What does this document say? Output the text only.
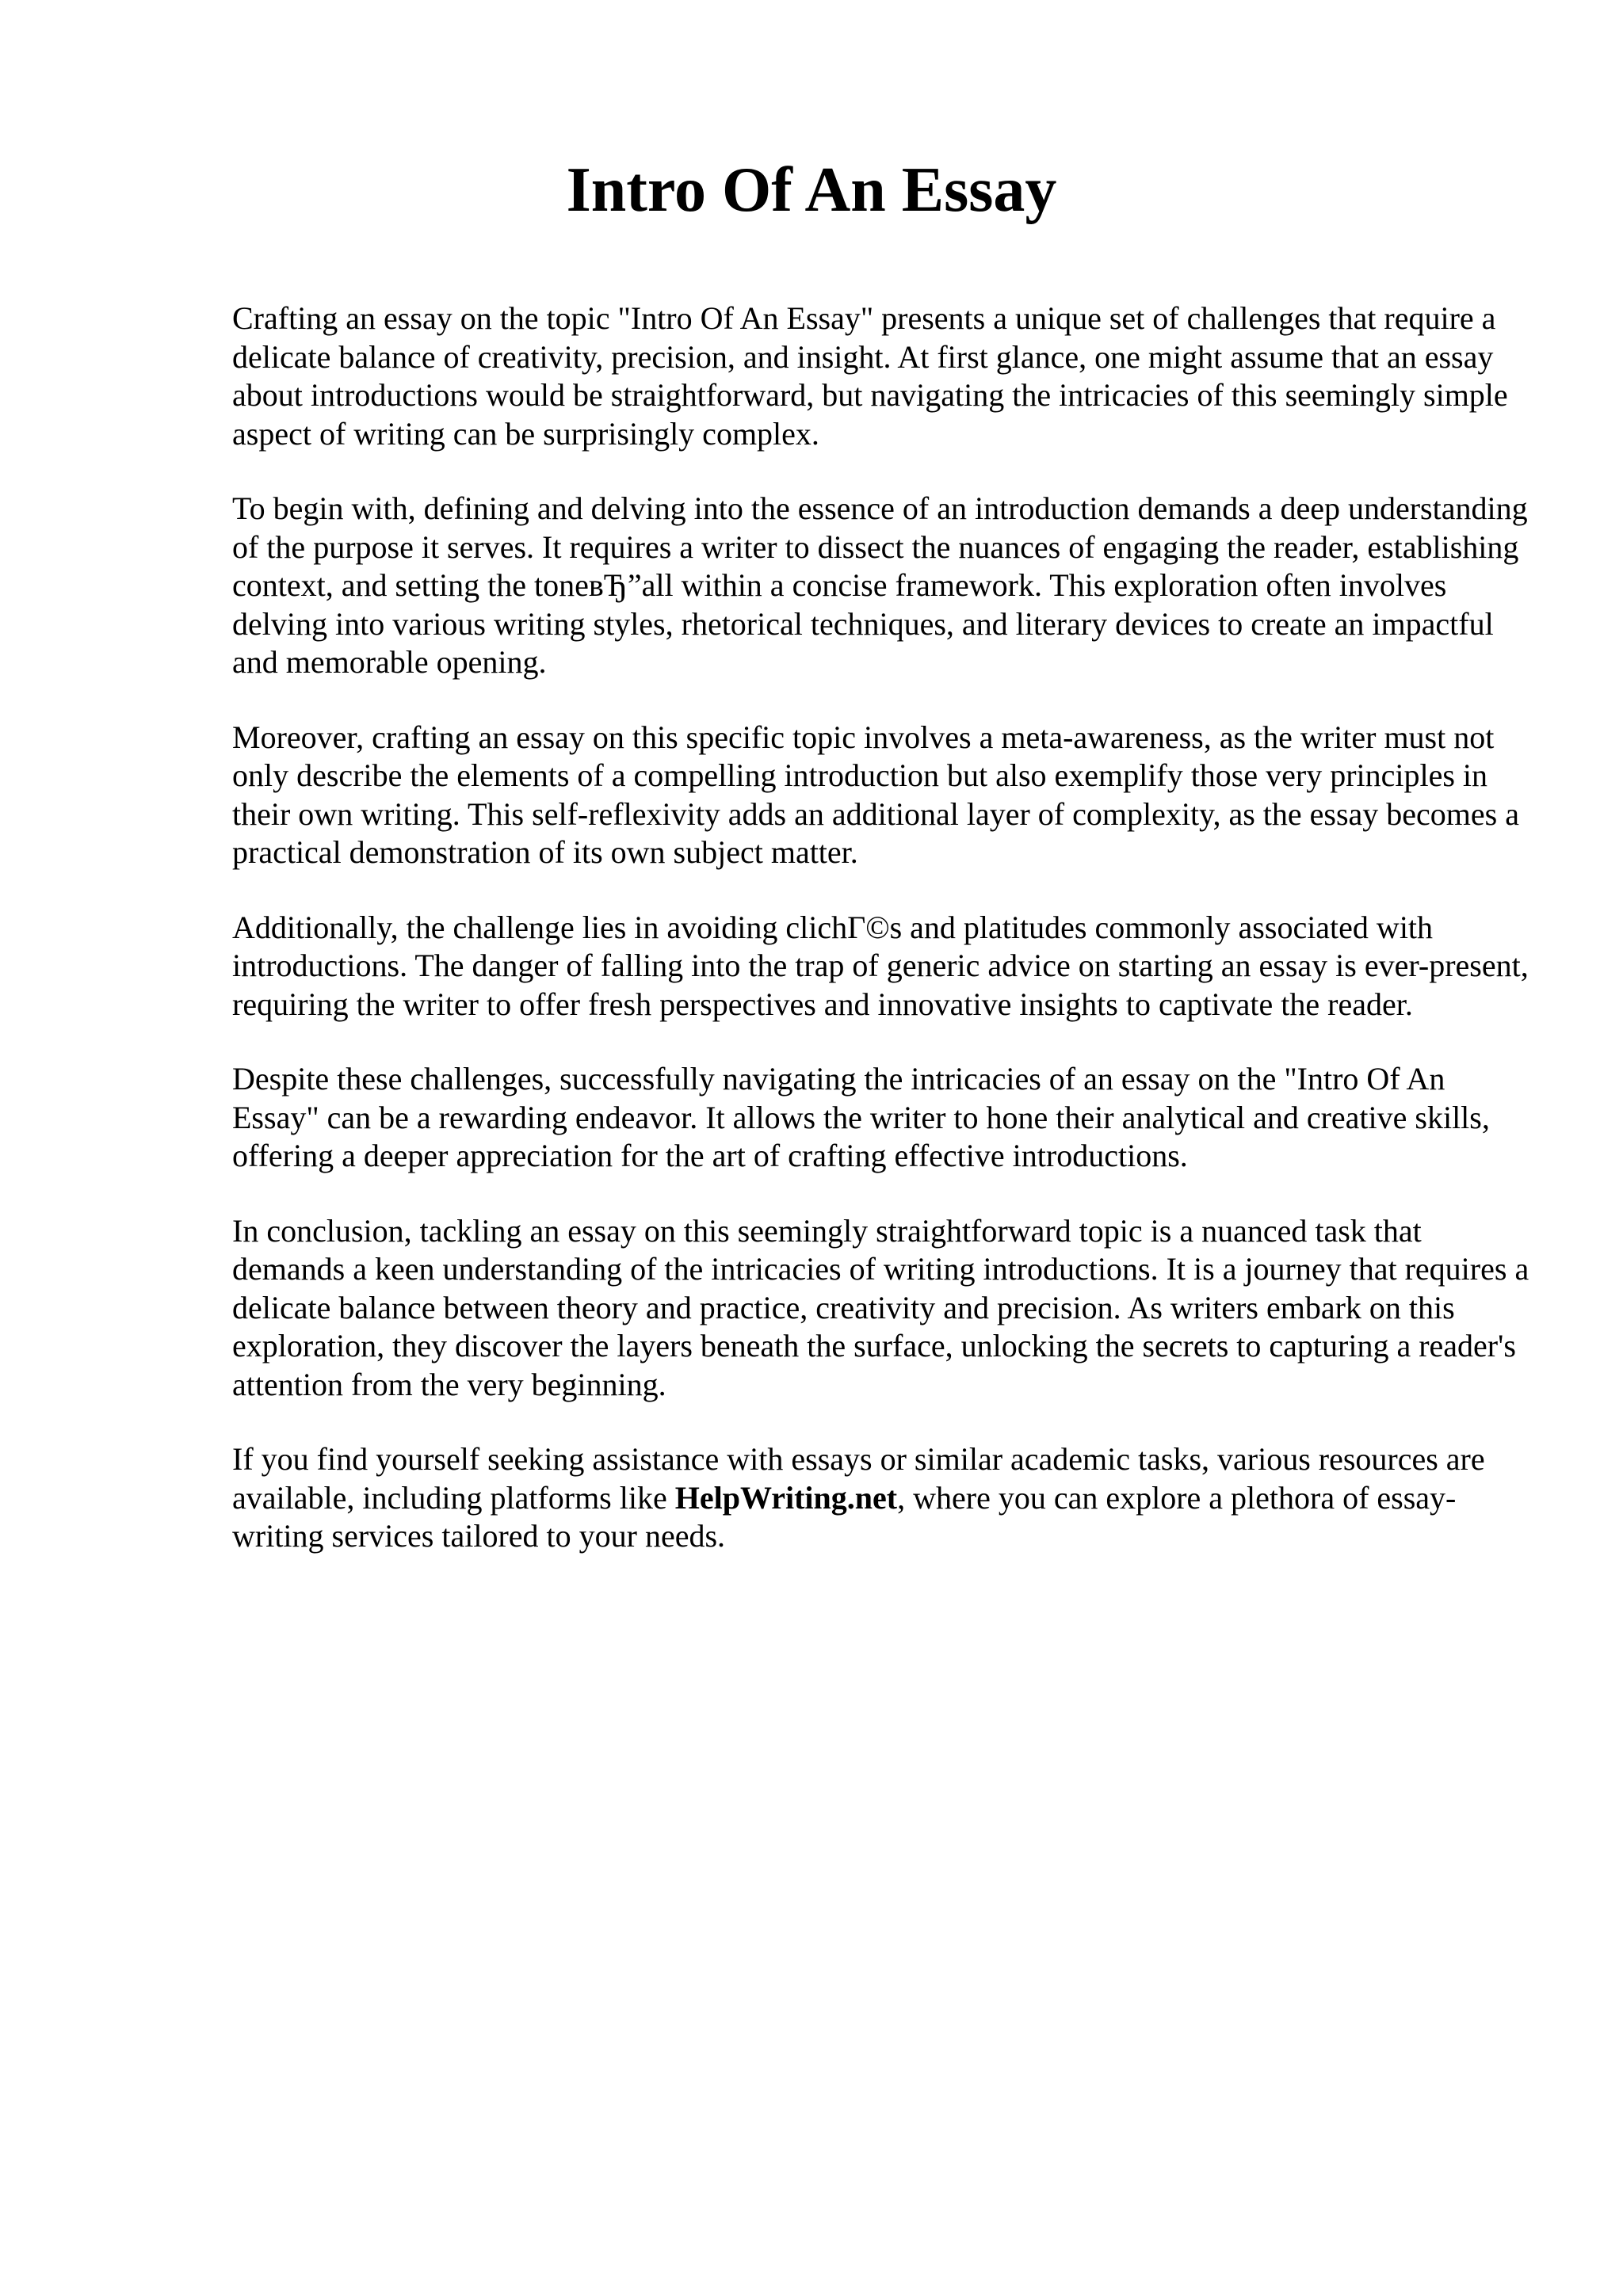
Intro Of An Essay

Crafting an essay on the topic "Intro Of An Essay" presents a unique set of challenges that require a delicate balance of creativity, precision, and insight. At first glance, one might assume that an essay about introductions would be straightforward, but navigating the intricacies of this seemingly simple aspect of writing can be surprisingly complex.

To begin with, defining and delving into the essence of an introduction demands a deep understanding of the purpose it serves. It requires a writer to dissect the nuances of engaging the reader, establishing context, and setting the toneвЂ”all within a concise framework. This exploration often involves delving into various writing styles, rhetorical techniques, and literary devices to create an impactful and memorable opening.

Moreover, crafting an essay on this specific topic involves a meta-awareness, as the writer must not only describe the elements of a compelling introduction but also exemplify those very principles in their own writing. This self-reflexivity adds an additional layer of complexity, as the essay becomes a practical demonstration of its own subject matter.

Additionally, the challenge lies in avoiding clichГ©s and platitudes commonly associated with introductions. The danger of falling into the trap of generic advice on starting an essay is ever-present, requiring the writer to offer fresh perspectives and innovative insights to captivate the reader.

Despite these challenges, successfully navigating the intricacies of an essay on the "Intro Of An Essay" can be a rewarding endeavor. It allows the writer to hone their analytical and creative skills, offering a deeper appreciation for the art of crafting effective introductions.

In conclusion, tackling an essay on this seemingly straightforward topic is a nuanced task that demands a keen understanding of the intricacies of writing introductions. It is a journey that requires a delicate balance between theory and practice, creativity and precision. As writers embark on this exploration, they discover the layers beneath the surface, unlocking the secrets to capturing a reader's attention from the very beginning.

If you find yourself seeking assistance with essays or similar academic tasks, various resources are available, including platforms like HelpWriting.net, where you can explore a plethora of essay-writing services tailored to your needs.
